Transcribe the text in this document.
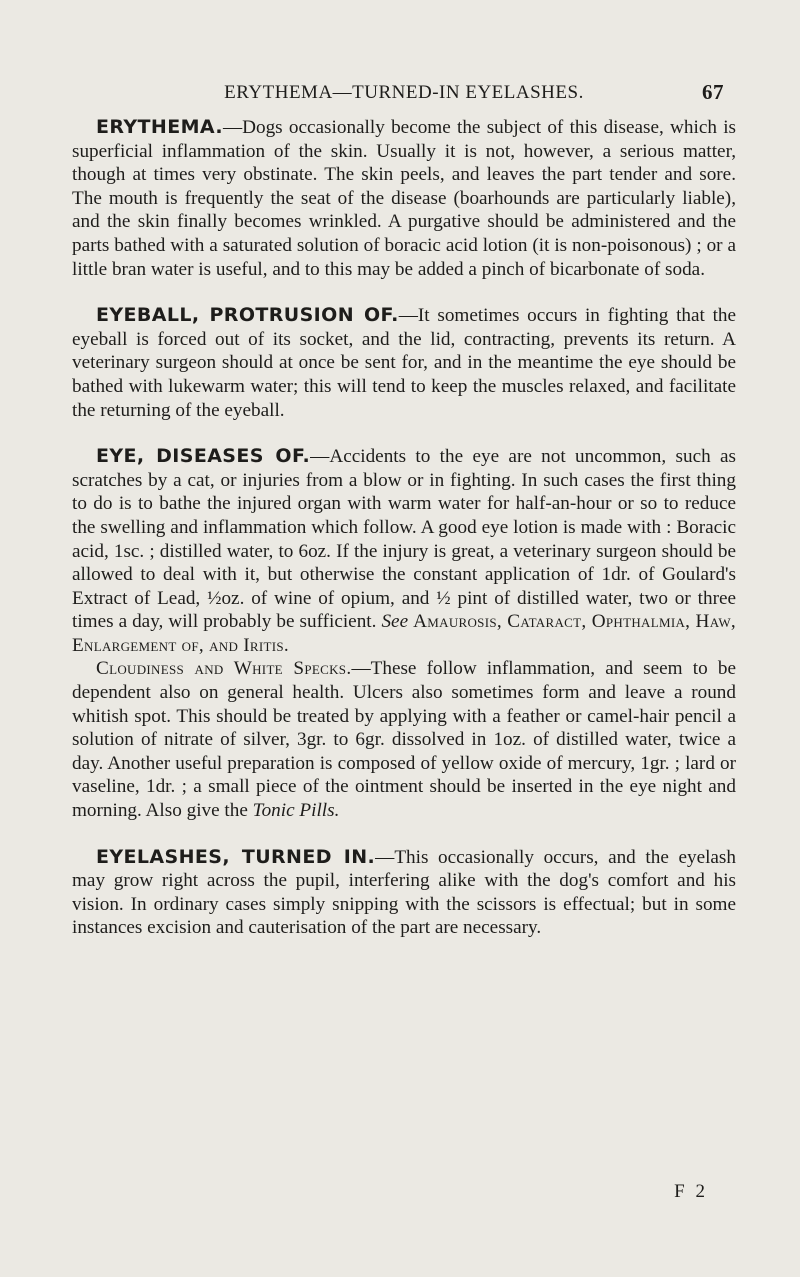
ERYTHEMA—TURNED-IN EYELASHES.	67

ERYTHEMA.—Dogs occasionally become the subject of this disease, which is superficial inflammation of the skin. Usually it is not, however, a serious matter, though at times very obstinate. The skin peels, and leaves the part tender and sore. The mouth is frequently the seat of the disease (boarhounds are particularly liable), and the skin finally becomes wrinkled. A purgative should be administered and the parts bathed with a saturated solution of boracic acid lotion (it is non-poisonous) ; or a little bran water is useful, and to this may be added a pinch of bicarbonate of soda.

EYEBALL, PROTRUSION OF.—It sometimes occurs in fighting that the eyeball is forced out of its socket, and the lid, contracting, prevents its return. A veterinary surgeon should at once be sent for, and in the meantime the eye should be bathed with lukewarm water; this will tend to keep the muscles relaxed, and facilitate the returning of the eyeball.

EYE, DISEASES OF.—Accidents to the eye are not uncommon, such as scratches by a cat, or injuries from a blow or in fighting. In such cases the first thing to do is to bathe the injured organ with warm water for half-an-hour or so to reduce the swelling and inflammation which follow. A good eye lotion is made with : Boracic acid, 1sc. ; distilled water, to 6oz. If the injury is great, a veterinary surgeon should be allowed to deal with it, but otherwise the constant application of 1dr. of Goulard's Extract of Lead, ½oz. of wine of opium, and ½ pint of distilled water, two or three times a day, will probably be sufficient. See Amaurosis, Cataract, Ophthalmia, Haw, Enlargement of, and Iritis.

Cloudiness and White Specks.—These follow inflammation, and seem to be dependent also on general health. Ulcers also sometimes form and leave a round whitish spot. This should be treated by applying with a feather or camel-hair pencil a solution of nitrate of silver, 3gr. to 6gr. dissolved in 1oz. of distilled water, twice a day. Another useful preparation is composed of yellow oxide of mercury, 1gr. ; lard or vaseline, 1dr. ; a small piece of the ointment should be inserted in the eye night and morning. Also give the Tonic Pills.

EYELASHES, TURNED IN.—This occasionally occurs, and the eyelash may grow right across the pupil, interfering alike with the dog's comfort and his vision. In ordinary cases simply snipping with the scissors is effectual; but in some instances excision and cauterisation of the part are necessary.

F 2
